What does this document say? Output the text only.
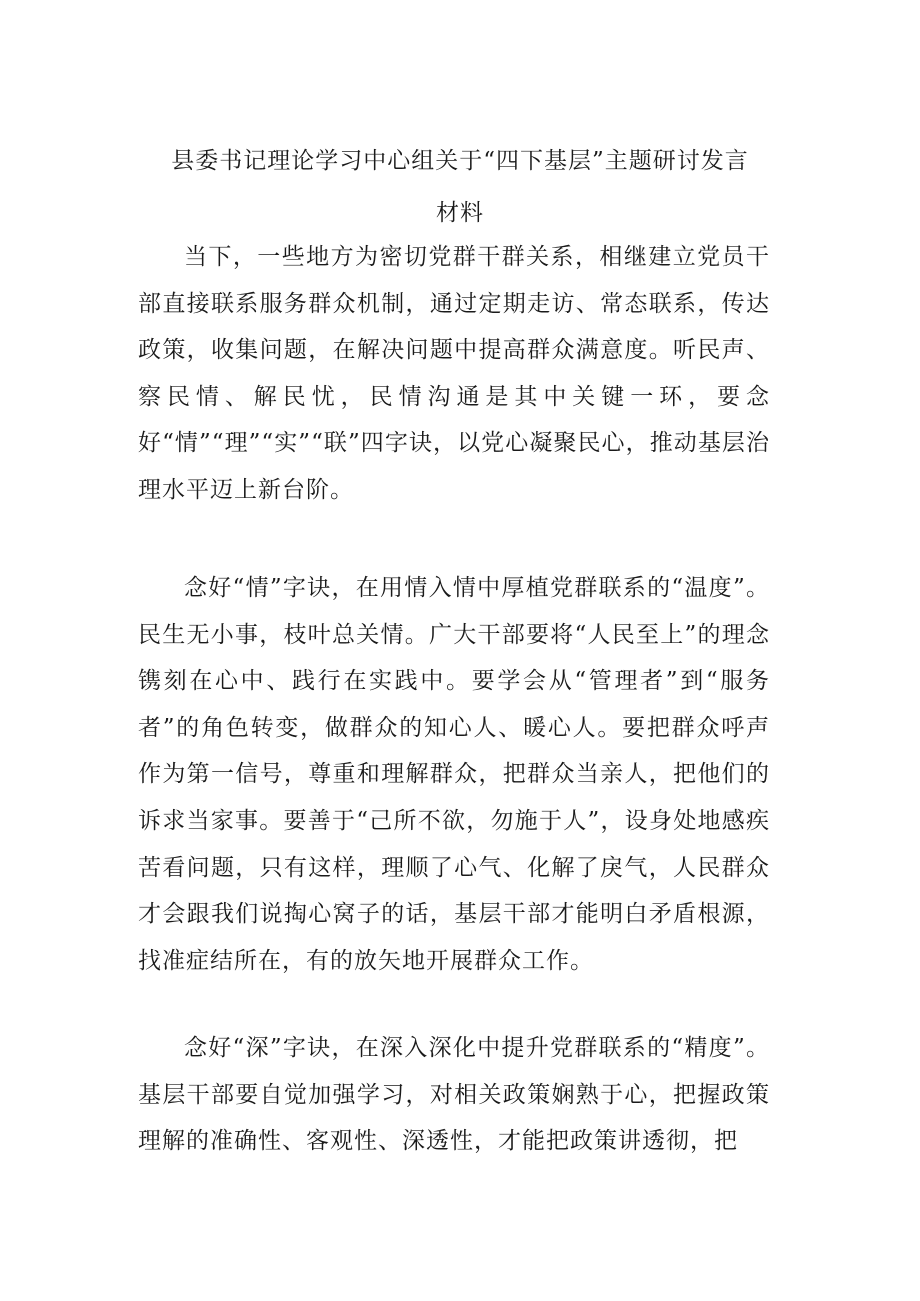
县委书记理论学习中心组关于“四下基层”主题研讨发言
材料
当下，一些地方为密切党群干群关系，相继建立党员干部直接联系服务群众机制，通过定期走访、常态联系，传达政策，收集问题，在解决问题中提高群众满意度。听民声、察民情、解民忧，民情沟通是其中关键一环，要念好“情”“理”“实”“联”四字诀，以党心凝聚民心，推动基层治理水平迈上新台阶。
念好“情”字诀，在用情入情中厚植党群联系的“温度”。民生无小事，枝叶总关情。广大干部要将“人民至上”的理念镌刻在心中、践行在实践中。要学会从“管理者”到“服务者”的角色转变，做群众的知心人、暖心人。要把群众呼声作为第一信号，尊重和理解群众，把群众当亲人，把他们的诉求当家事。要善于“己所不欲，勿施于人”，设身处地感疾苦看问题，只有这样，理顺了心气、化解了戾气，人民群众才会跟我们说掏心窝子的话，基层干部才能明白矛盾根源，找准症结所在，有的放矢地开展群众工作。
念好“深”字诀，在深入深化中提升党群联系的“精度”。基层干部要自觉加强学习，对相关政策娴熟于心，把握政策理解的准确性、客观性、深透性，才能把政策讲透彻，把
